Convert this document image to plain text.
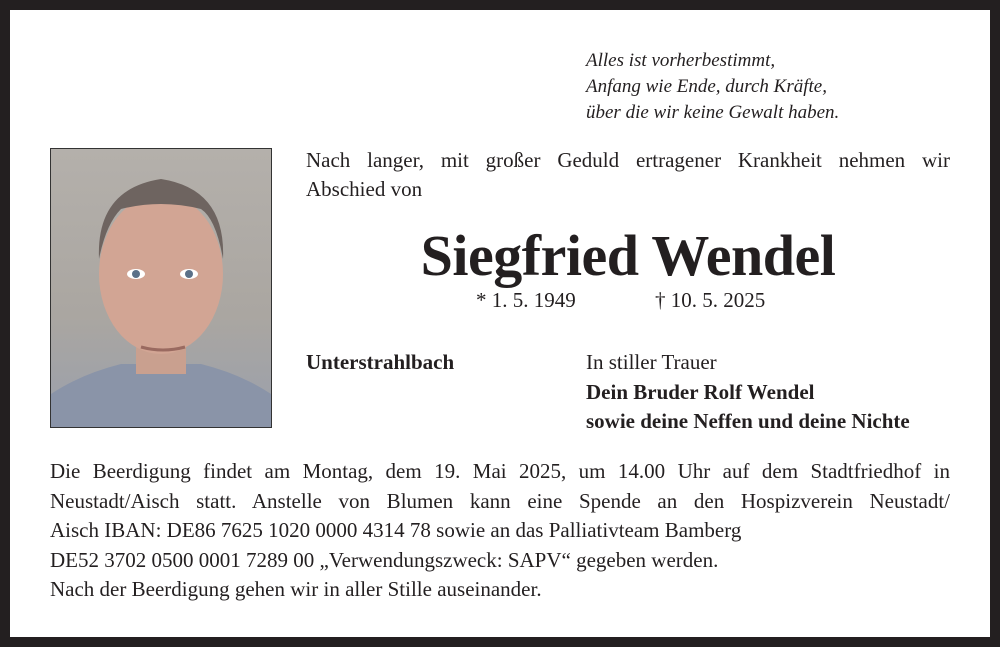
Alles ist vorherbestimmt,
Anfang wie Ende, durch Kräfte,
über die wir keine Gewalt haben.
Nach langer, mit großer Geduld ertragener Krankheit nehmen wir
Abschied von
Siegfried Wendel
* 1. 5. 1949	† 10. 5. 2025
Unterstrahlbach	In stiller Trauer
Dein Bruder Rolf Wendel
sowie deine Neffen und deine Nichte
Die Beerdigung findet am Montag, dem 19. Mai 2025, um 14.00 Uhr auf dem Stadtfriedhof in
Neustadt/Aisch statt. Anstelle von Blumen kann eine Spende an den Hospizverein Neustadt/
Aisch IBAN: DE86 7625 1020 0000 4314 78 sowie an das Palliativteam Bamberg
DE52 3702 0500 0001 7289 00 „Verwendungszweck: SAPV“ gegeben werden.
Nach der Beerdigung gehen wir in aller Stille auseinander.
